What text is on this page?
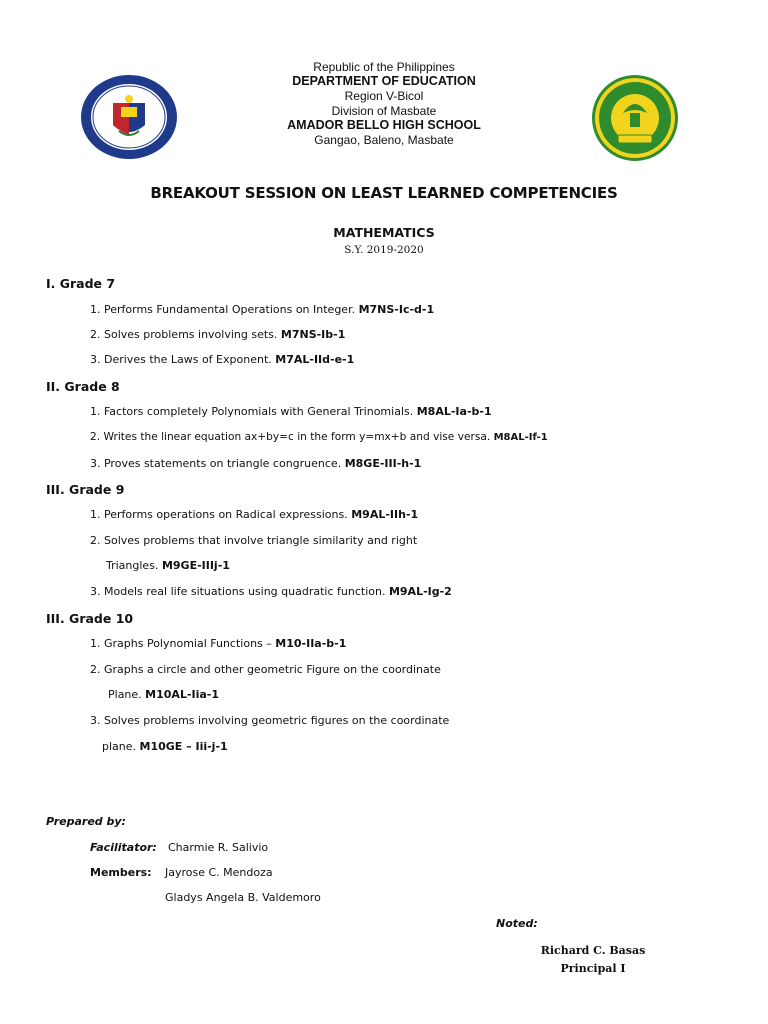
Republic of the Philippines
DEPARTMENT OF EDUCATION
Region V-Bicol
Division of Masbate
AMADOR BELLO HIGH SCHOOL
Gangao, Baleno, Masbate
BREAKOUT SESSION ON LEAST LEARNED COMPETENCIES
MATHEMATICS
S.Y. 2019-2020
I. Grade 7
1. Performs Fundamental Operations on Integer. M7NS-Ic-d-1
2. Solves problems involving sets. M7NS-Ib-1
3. Derives the Laws of Exponent. M7AL-IId-e-1
II. Grade 8
1. Factors completely Polynomials with General Trinomials. M8AL-Ia-b-1
2. Writes the linear equation ax+by=c in the form y=mx+b and vise versa. M8AL-If-1
3. Proves statements on triangle congruence. M8GE-III-h-1
III. Grade 9
1. Performs operations on Radical expressions. M9AL-IIh-1
2. Solves problems that involve triangle similarity and right
Triangles. M9GE-IIIj-1
3. Models real life situations using quadratic function. M9AL-Ig-2
III. Grade 10
1. Graphs Polynomial Functions – M10-IIa-b-1
2. Graphs a circle and other geometric Figure on the coordinate
Plane. M10AL-Iia-1
3. Solves problems involving geometric figures on the coordinate
plane. M10GE – Iii-j-1
Prepared by:
Facilitator: Charmie R. Salivio
Members: Jayrose C. Mendoza
Gladys Angela B. Valdemoro
Noted:
Richard C. Basas
Principal I
